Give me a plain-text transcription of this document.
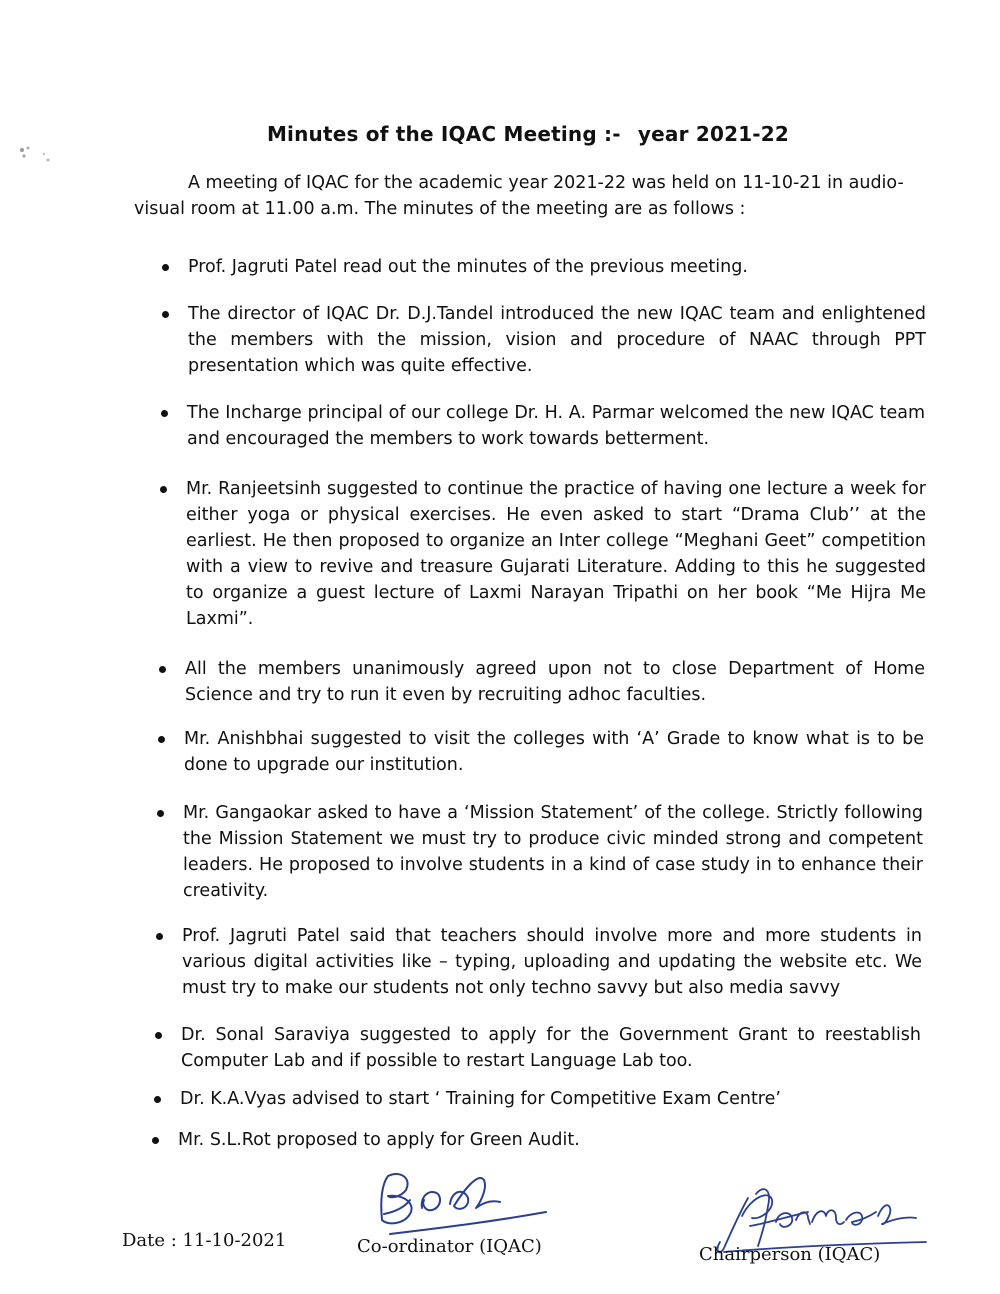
Minutes of the IQAC Meeting :- year 2021-22
A meeting of IQAC for the academic year 2021-22 was held on 11-10-21 in audio-visual room at 11.00 a.m. The minutes of the meeting are as follows :
Prof. Jagruti Patel read out the minutes of the previous meeting.
The director of IQAC Dr. D.J.Tandel introduced the new IQAC team and enlightened the members with the mission, vision and procedure of NAAC through PPT presentation which was quite effective.
The Incharge principal of our college Dr. H. A. Parmar welcomed the new IQAC team and encouraged the members to work towards betterment.
Mr. Ranjeetsinh suggested to continue the practice of having one lecture a week for either yoga or physical exercises. He even asked to start “Drama Club’’ at the earliest. He then proposed to organize an Inter college “Meghani Geet” competition with a view to revive and treasure Gujarati Literature. Adding to this he suggested to organize a guest lecture of Laxmi Narayan Tripathi on her book “Me Hijra Me Laxmi”.
All the members unanimously agreed upon not to close Department of Home Science and try to run it even by recruiting adhoc faculties.
Mr. Anishbhai suggested to visit the colleges with ‘A’ Grade to know what is to be done to upgrade our institution.
Mr. Gangaokar asked to have a ‘Mission Statement’ of the college. Strictly following the Mission Statement we must try to produce civic minded strong and competent leaders. He proposed to involve students in a kind of case study in to enhance their creativity.
Prof. Jagruti Patel said that teachers should involve more and more students in various digital activities like – typing, uploading and updating the website etc. We must try to make our students not only techno savvy but also media savvy
Dr. Sonal Saraviya suggested to apply for the Government Grant to reestablish Computer Lab and if possible to restart Language Lab too.
Dr. K.A.Vyas advised to start ‘ Training for Competitive Exam Centre’
Mr. S.L.Rot proposed to apply for Green Audit.
Date : 11-10-2021	Co-ordinator (IQAC)	Chairperson (IQAC)
